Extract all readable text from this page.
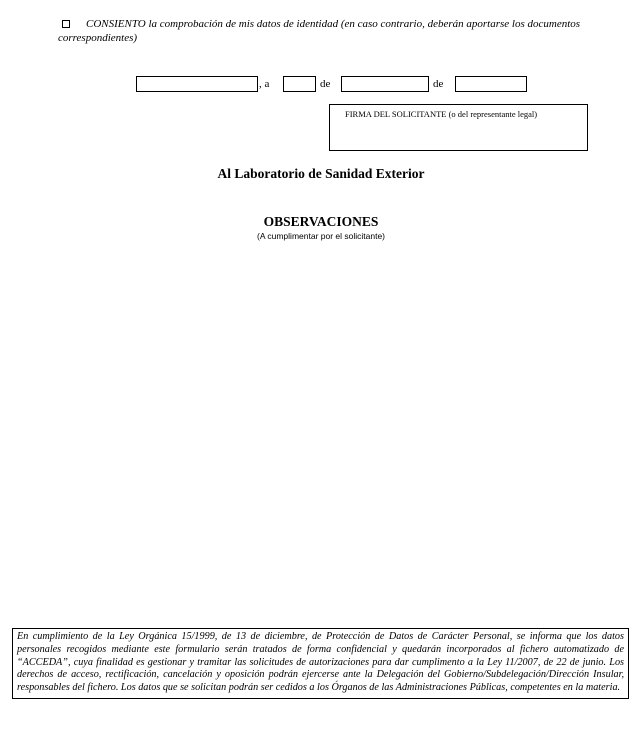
CONSIENTO la comprobación de mis datos de identidad (en caso contrario, deberán aportarse los documentos correspondientes)

, a	de	de
FIRMA DEL SOLICITANTE (o del representante legal)
Al Laboratorio de Sanidad Exterior
OBSERVACIONES
(A cumplimentar por el solicitante)
En cumplimiento de la Ley Orgánica 15/1999, de 13 de diciembre, de Protección de Datos de Carácter Personal, se informa que los datos personales recogidos mediante este formulario serán tratados de forma confidencial y quedarán incorporados al fichero automatizado de “ACCEDA”, cuya finalidad es gestionar y tramitar las solicitudes de autorizaciones para dar cumplimento a la Ley 11/2007, de 22 de junio. Los derechos de acceso, rectificación, cancelación y oposición podrán ejercerse ante la Delegación del Gobierno/Subdelegación/Dirección Insular, responsables del fichero. Los datos que se solicitan podrán ser cedidos a los Órganos de las Administraciones Públicas, competentes en la materia.
